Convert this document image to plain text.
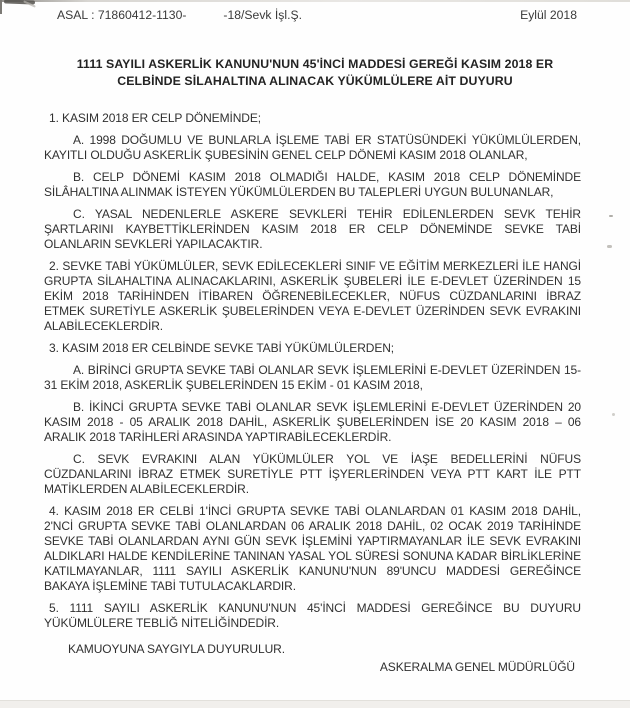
ASAL : 71860412-1130-	-18/Sevk İşl.Ş.	Eylül 2018
1111 SAYILI ASKERLİK KANUNU'NUN 45'İNCİ MADDESİ GEREĞİ KASIM 2018 ER
CELBİNDE SİLAHALTINA ALINACAK YÜKÜMLÜLERE AİT DUYURU

1. KASIM 2018 ER CELP DÖNEMİNDE;

A. 1998 DOĞUMLU VE BUNLARLA İŞLEME TABİ ER STATÜSÜNDEKİ YÜKÜMLÜLERDEN, KAYITLI OLDUĞU ASKERLİK ŞUBESİNİN GENEL CELP DÖNEMİ KASIM 2018 OLANLAR,

B. CELP DÖNEMİ KASIM 2018 OLMADIĞI HALDE, KASIM 2018 CELP DÖNEMİNDE SİLÂHALTINA ALINMAK İSTEYEN YÜKÜMLÜLERDEN BU TALEPLERİ UYGUN BULUNANLAR,

C. YASAL NEDENLERLE ASKERE SEVKLERİ TEHİR EDİLENLERDEN SEVK TEHİR ŞARTLARINI KAYBETTİKLERİNDEN KASIM 2018 ER CELP DÖNEMİNDE SEVKE TABİ OLANLARIN SEVKLERİ YAPILACAKTIR.

2. SEVKE TABİ YÜKÜMLÜLER, SEVK EDİLECEKLERİ SINIF VE EĞİTİM MERKEZLERİ İLE HANGİ GRUPTA SİLAHALTINA ALINACAKLARINI, ASKERLİK ŞUBELERİ İLE E-DEVLET ÜZERİNDEN 15 EKİM 2018 TARİHİNDEN İTİBAREN ÖĞRENEBİLECEKLER, NÜFUS CÜZDANLARINI İBRAZ ETMEK SURETİYLE ASKERLİK ŞUBELERİNDEN VEYA E-DEVLET ÜZERİNDEN SEVK EVRAKINI ALABİLECEKLERDİR.

3. KASIM 2018 ER CELBİNDE SEVKE TABİ YÜKÜMLÜLERDEN;

A. BİRİNCİ GRUPTA SEVKE TABİ OLANLAR SEVK İŞLEMLERİNİ E-DEVLET ÜZERİNDEN 15-31 EKİM 2018, ASKERLİK ŞUBELERİNDEN 15 EKİM - 01 KASIM 2018,

B. İKİNCİ GRUPTA SEVKE TABİ OLANLAR SEVK İŞLEMLERİNİ E-DEVLET ÜZERİNDEN 20 KASIM 2018 - 05 ARALIK 2018 DAHİL, ASKERLİK ŞUBELERİNDEN İSE 20 KASIM 2018 – 06 ARALIK 2018 TARİHLERİ ARASINDA YAPTIRABİLECEKLERDİR.

C. SEVK EVRAKINI ALAN YÜKÜMLÜLER YOL VE İAŞE BEDELLERİNİ NÜFUS CÜZDANLARINI İBRAZ ETMEK SURETİYLE PTT İŞYERLERİNDEN VEYA PTT KART İLE PTT MATİKLERDEN ALABİLECEKLERDİR.

4. KASIM 2018 ER CELBİ 1'İNCİ GRUPTA SEVKE TABİ OLANLARDAN 01 KASIM 2018 DAHİL, 2'NCİ GRUPTA SEVKE TABİ OLANLARDAN 06 ARALIK 2018 DAHİL, 02 OCAK 2019 TARİHİNDE SEVKE TABİ OLANLARDAN AYNI GÜN SEVK İŞLEMİNİ YAPTIRMAYANLAR İLE SEVK EVRAKINI ALDIKLARI HALDE KENDİLERİNE TANINAN YASAL YOL SÜRESİ SONUNA KADAR BİRLİKLERİNE KATILMAYANLAR, 1111 SAYILI ASKERLİK KANUNU'NUN 89'UNCU MADDESİ GEREĞİNCE BAKAYA İŞLEMİNE TABİ TUTULACAKLARDIR.

5. 1111 SAYILI ASKERLİK KANUNU'NUN 45'İNCİ MADDESİ GEREĞİNCE BU DUYURU YÜKÜMLÜLERE TEBLİĞ NİTELİĞİNDEDİR.

KAMUOYUNA SAYGIYLA DUYURULUR.

ASKERALMA GENEL MÜDÜRLÜĞÜ
